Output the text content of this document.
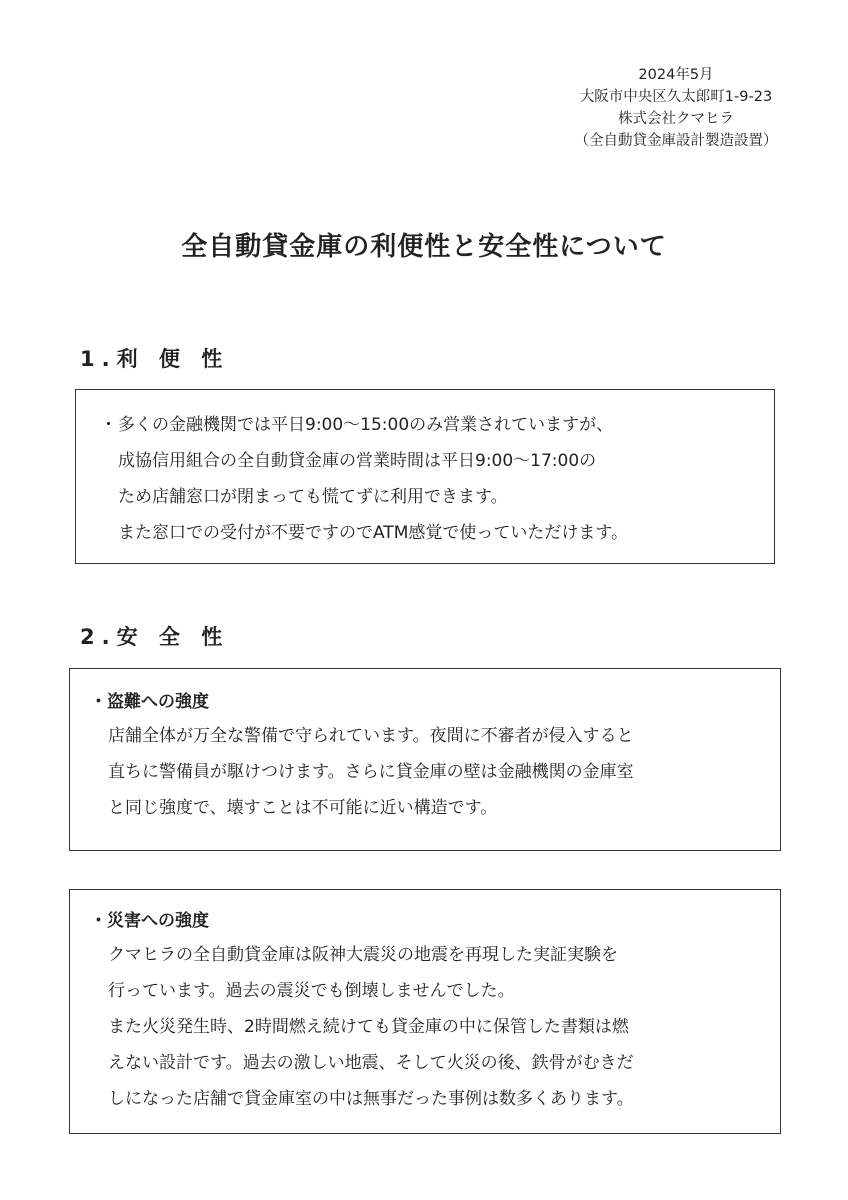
2024年5月
大阪市中央区久太郎町1-9-23
株式会社クマヒラ
（全自動貸金庫設計製造設置）
全自動貸金庫の利便性と安全性について
1.利 便 性
・多くの金融機関では平日9:00〜15:00のみ営業されていますが、
成協信用組合の全自動貸金庫の営業時間は平日9:00〜17:00の
ため店舗窓口が閉まっても慌てずに利用できます。
また窓口での受付が不要ですのでATM感覚で使っていただけます。
2.安 全 性
・盗難への強度
店舗全体が万全な警備で守られています。夜間に不審者が侵入すると
直ちに警備員が駆けつけます。さらに貸金庫の壁は金融機関の金庫室
と同じ強度で、壊すことは不可能に近い構造です。
・災害への強度
クマヒラの全自動貸金庫は阪神大震災の地震を再現した実証実験を
行っています。過去の震災でも倒壊しませんでした。
また火災発生時、2時間燃え続けても貸金庫の中に保管した書類は燃
えない設計です。過去の激しい地震、そして火災の後、鉄骨がむきだ
しになった店舗で貸金庫室の中は無事だった事例は数多くあります。
